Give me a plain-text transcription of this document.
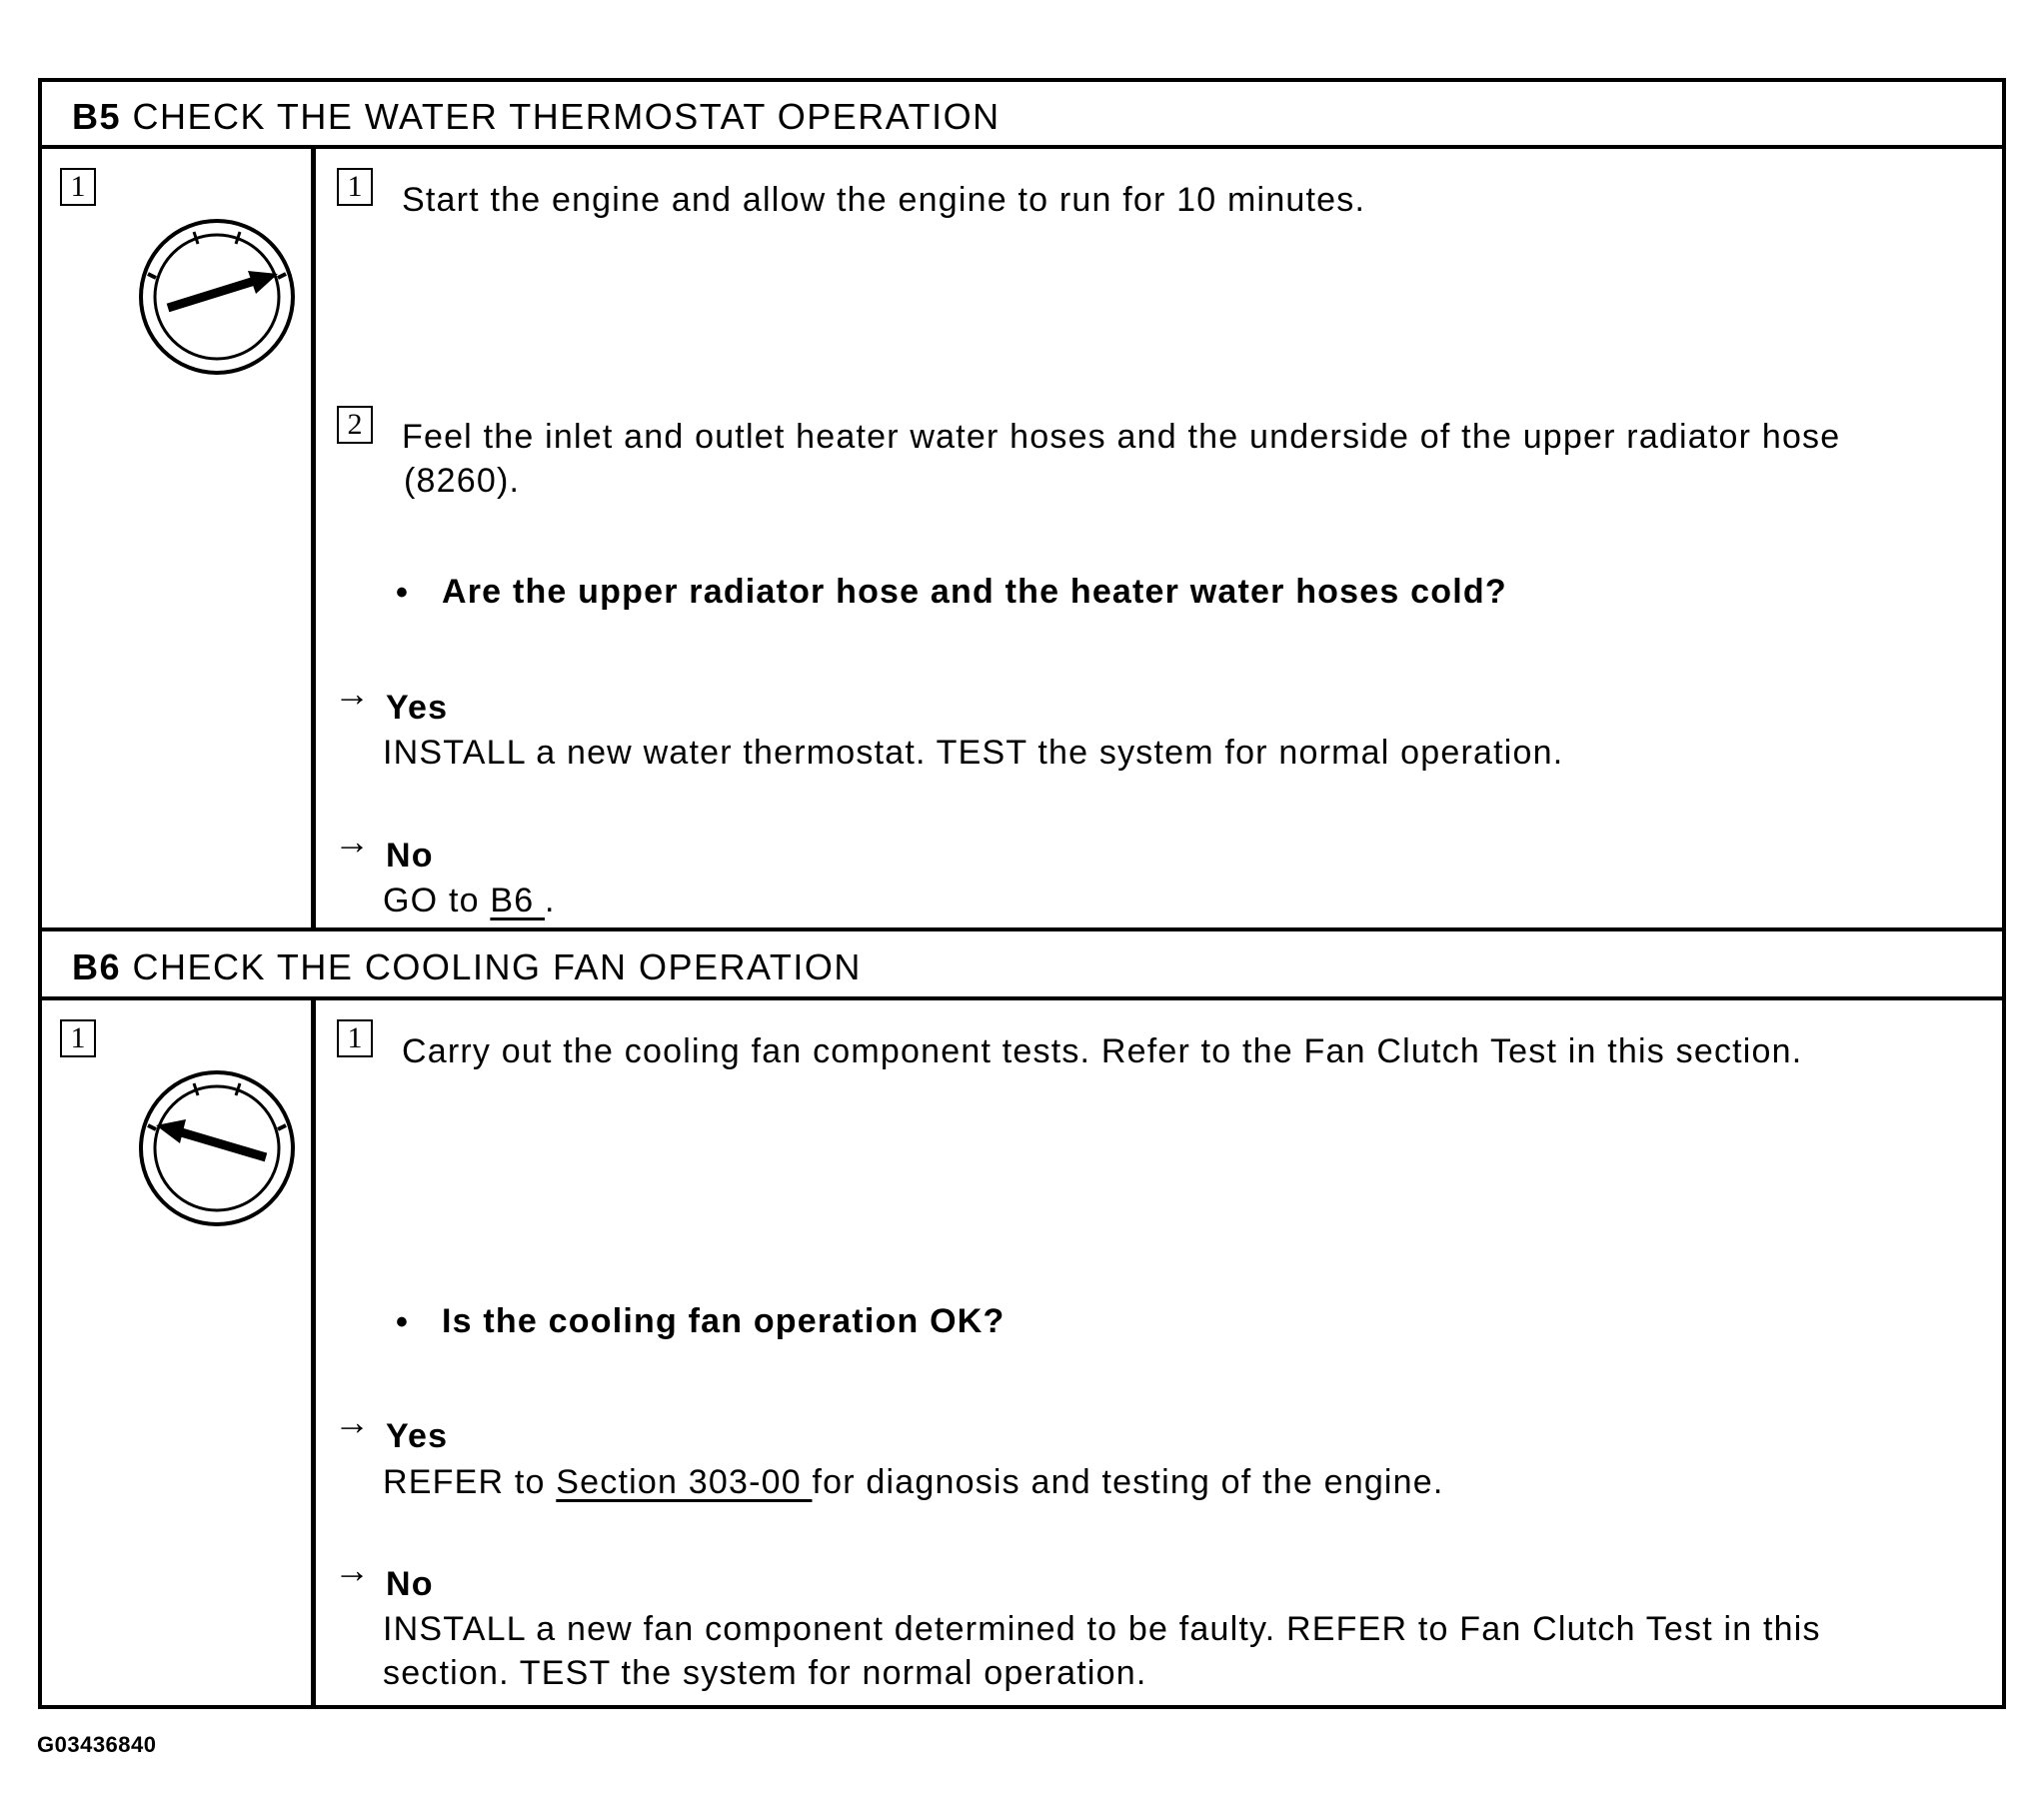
B5 CHECK THE WATER THERMOSTAT OPERATION
1	1	Start the engine and allow the engine to run for 10 minutes.
2	Feel the inlet and outlet heater water hoses and the underside of the upper radiator hose
(8260).
• Are the upper radiator hose and the heater water hoses cold?
→ Yes
INSTALL a new water thermostat. TEST the system for normal operation.
→ No
GO to B6 .
B6 CHECK THE COOLING FAN OPERATION
1	1	Carry out the cooling fan component tests. Refer to the Fan Clutch Test in this section.
• Is the cooling fan operation OK?
→ Yes
REFER to Section 303-00 for diagnosis and testing of the engine.
→ No
INSTALL a new fan component determined to be faulty. REFER to Fan Clutch Test in this
section. TEST the system for normal operation.
G03436840
